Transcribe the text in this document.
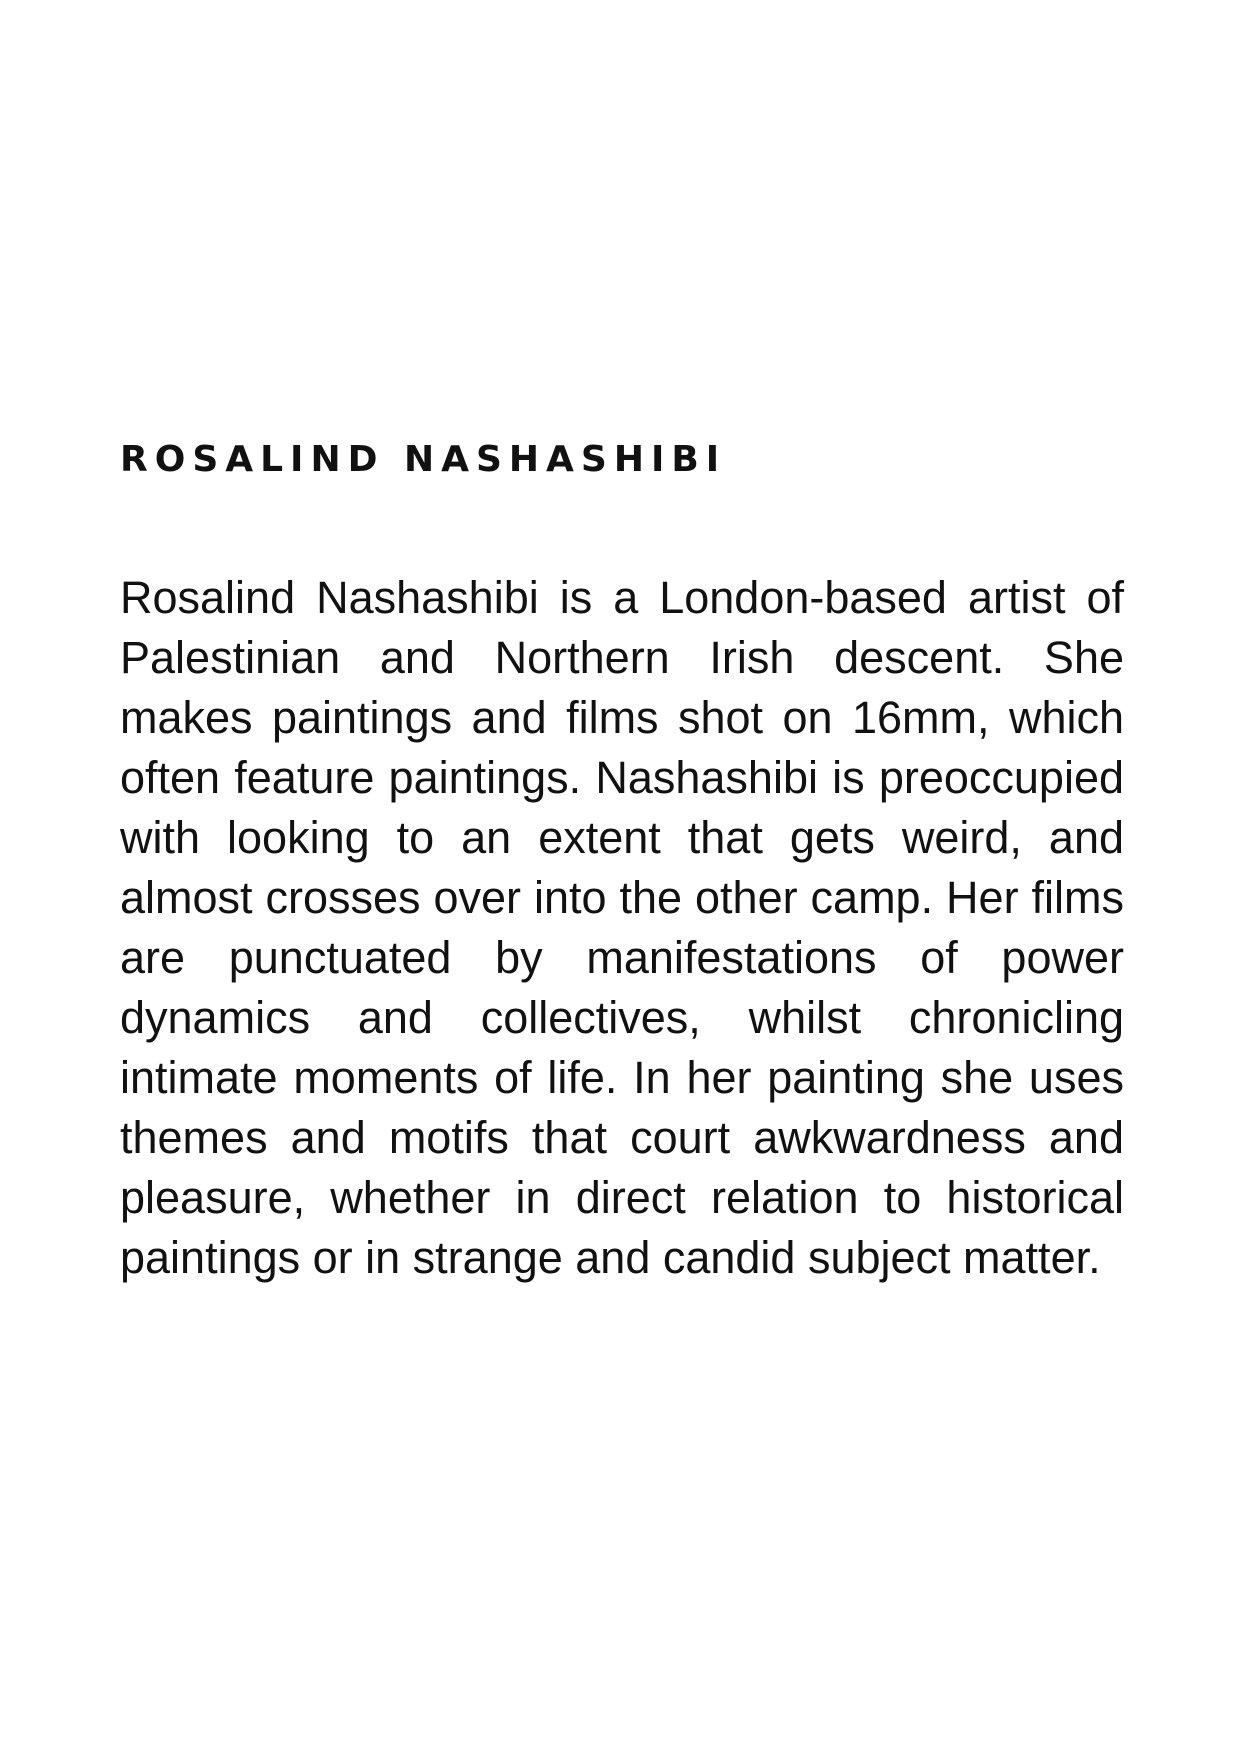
ROSALIND NASHASHIBI

Rosalind Nashashibi is a London-based artist of Palestinian and Northern Irish descent. She makes paintings and films shot on 16mm, which often feature paintings. Nashashibi is preoccupied with looking to an extent that gets weird, and almost crosses over into the other camp. Her films are punctuated by manifestations of power dynamics and collectives, whilst chronicling intimate moments of life. In her painting she uses themes and motifs that court awkwardness and pleasure, whether in direct relation to historical paintings or in strange and candid subject matter.
